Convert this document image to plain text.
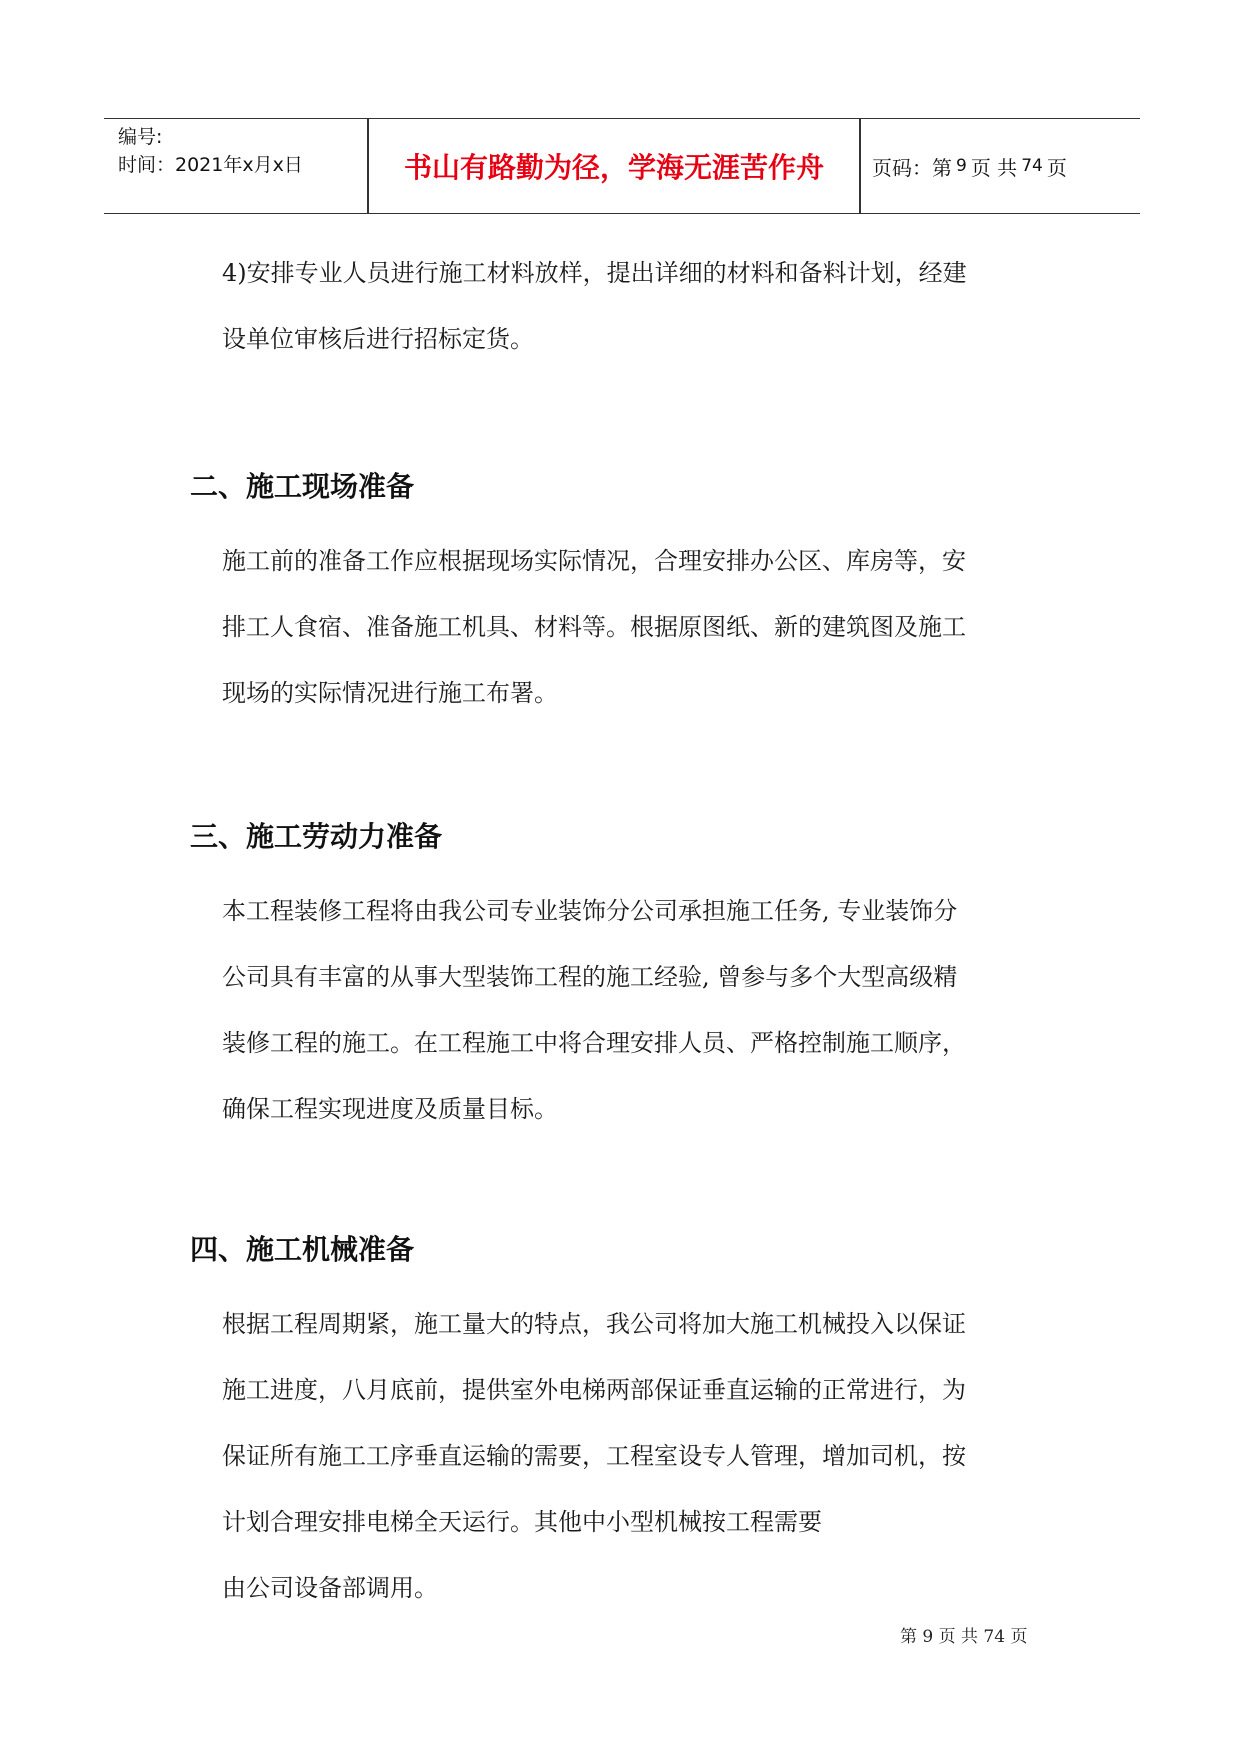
编号:
时间：2021年x月x日	书山有路勤为径，学海无涯苦作舟	页码：第 9 页 共 74 页

4)安排专业人员进行施工材料放样，提出详细的材料和备料计划，经建
设单位审核后进行招标定货。

二、施工现场准备

施工前的准备工作应根据现场实际情况，合理安排办公区、库房等，安
排工人食宿、准备施工机具、材料等。根据原图纸、新的建筑图及施工
现场的实际情况进行施工布署。

三、施工劳动力准备

本工程装修工程将由我公司专业装饰分公司承担施工任务, 专业装饰分
公司具有丰富的从事大型装饰工程的施工经验, 曾参与多个大型高级精
装修工程的施工。在工程施工中将合理安排人员、严格控制施工顺序，
确保工程实现进度及质量目标。

四、施工机械准备

根据工程周期紧，施工量大的特点，我公司将加大施工机械投入以保证
施工进度，八月底前，提供室外电梯两部保证垂直运输的正常进行，为
保证所有施工工序垂直运输的需要，工程室设专人管理，增加司机，按
计划合理安排电梯全天运行。其他中小型机械按工程需要
由公司设备部调用。

第 9 页 共 74 页
